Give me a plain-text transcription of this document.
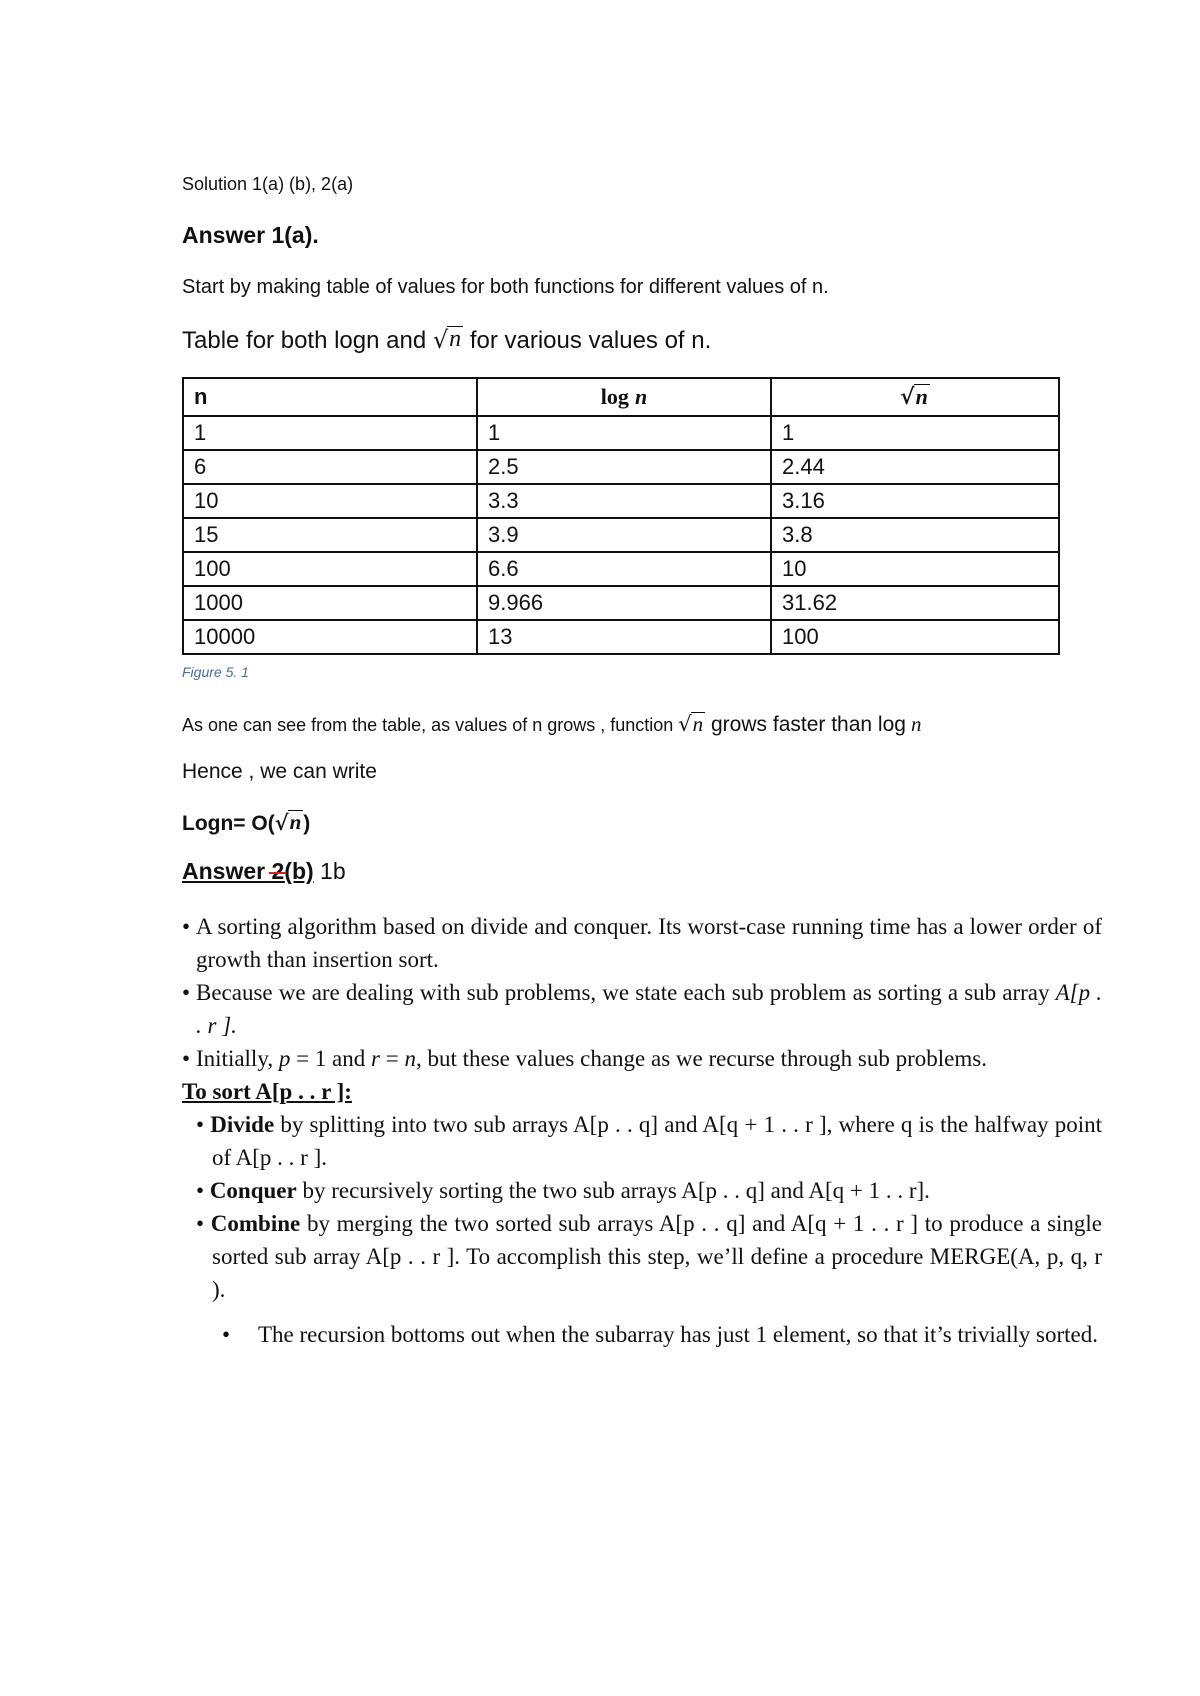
Solution 1(a) (b), 2(a)
Answer 1(a).
Start by making table of values for both functions for different values of n.
Table for both logn and √ n for various values of n.
n	log n	√ n

1	1	1
6	2.5	2.44
10	3.3	3.16
15	3.9	3.8
100	6.6	10
1000	9.966	31.62
10000	13	100
Figure 5. 1
As one can see from the table, as values of n grows , function √ n grows faster than log n
Hence , we can write
Logn= O( √ n )
Answer 2(b) 1b
• A sorting algorithm based on divide and conquer. Its worst-case running time has a lower order of growth than insertion sort.
• Because we are dealing with sub problems, we state each sub problem as sorting a sub array A[p . . r ].
• Initially, p = 1 and r = n, but these values change as we recurse through sub problems.
To sort A[p . . r ]:
• Divide by splitting into two sub arrays A[p . . q] and A[q + 1 . . r ], where q is the halfway point of A[p . . r ].
• Conquer by recursively sorting the two sub arrays A[p . . q] and A[q + 1 . . r].
• Combine by merging the two sorted sub arrays A[p . . q] and A[q + 1 . . r ] to produce a single sorted sub array A[p . . r ]. To accomplish this step, we’ll define a procedure MERGE(A, p, q, r ).
•	The recursion bottoms out when the subarray has just 1 element, so that it’s trivially sorted.
